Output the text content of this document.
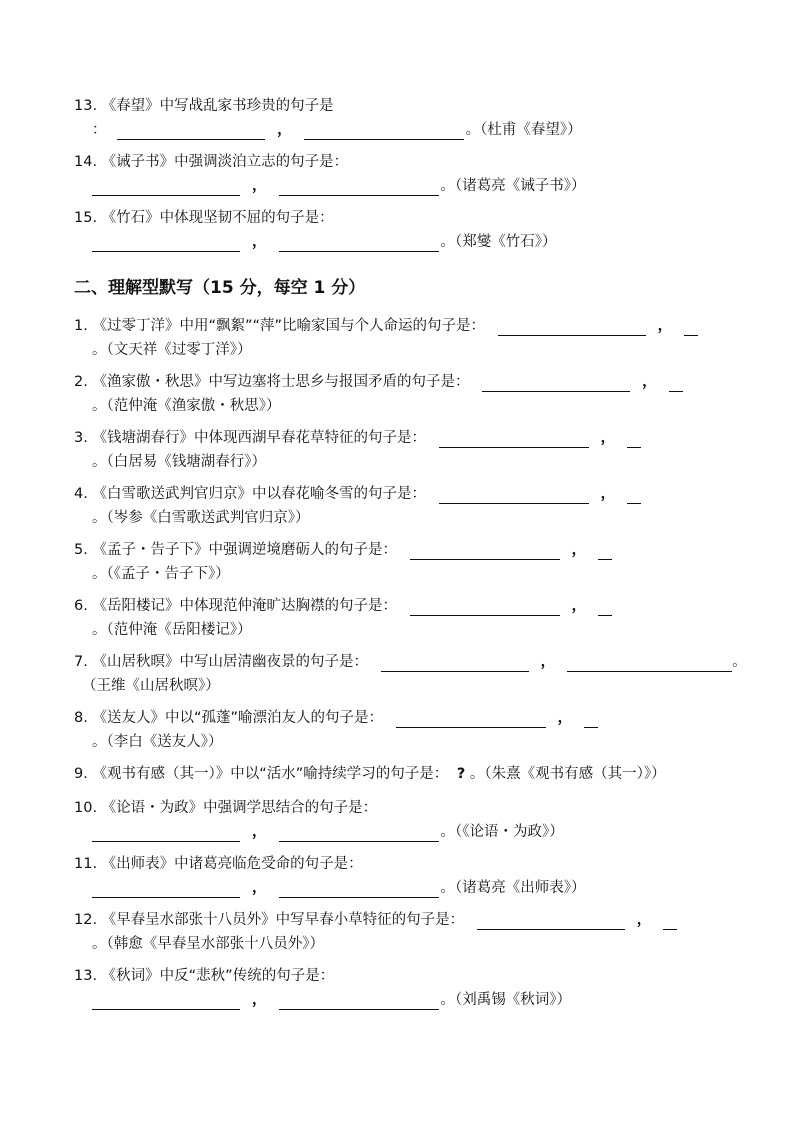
13. 《春望》中写战乱家书珍贵的句子是
：	，	。（杜甫《春望》）
14. 《诫子书》中强调淡泊立志的句子是：
，	。（诸葛亮《诫子书》）
15. 《竹石》中体现坚韧不屈的句子是：
，	。（郑燮《竹石》）
二、理解型默写（15 分，每空 1 分）
1. 《过零丁洋》中用“飘絮”“萍”比喻家国与个人命运的句子是：	，
。（文天祥《过零丁洋》）
2. 《渔家傲・秋思》中写边塞将士思乡与报国矛盾的句子是：	，
。（范仲淹《渔家傲・秋思》）
3. 《钱塘湖春行》中体现西湖早春花草特征的句子是：	，
。（白居易《钱塘湖春行》）
4. 《白雪歌送武判官归京》中以春花喻冬雪的句子是：	，
。（岑参《白雪歌送武判官归京》）
5. 《孟子・告子下》中强调逆境磨砺人的句子是：	，
。（《孟子・告子下》）
6. 《岳阳楼记》中体现范仲淹旷达胸襟的句子是：	，
。（范仲淹《岳阳楼记》）
7. 《山居秋暝》中写山居清幽夜景的句子是：	，	。
（王维《山居秋暝》）
8. 《送友人》中以“孤蓬”喻漂泊友人的句子是：	，
。（李白《送友人》）
9. 《观书有感（其一）》中以“活水”喻持续学习的句子是： ? 。（朱熹《观书有感（其一）》）
10. 《论语・为政》中强调学思结合的句子是：
，	。（《论语・为政》）
11. 《出师表》中诸葛亮临危受命的句子是：
，	。（诸葛亮《出师表》）
12. 《早春呈水部张十八员外》中写早春小草特征的句子是：	，
。（韩愈《早春呈水部张十八员外》）
13. 《秋词》中反“悲秋”传统的句子是：
，	。（刘禹锡《秋词》）
